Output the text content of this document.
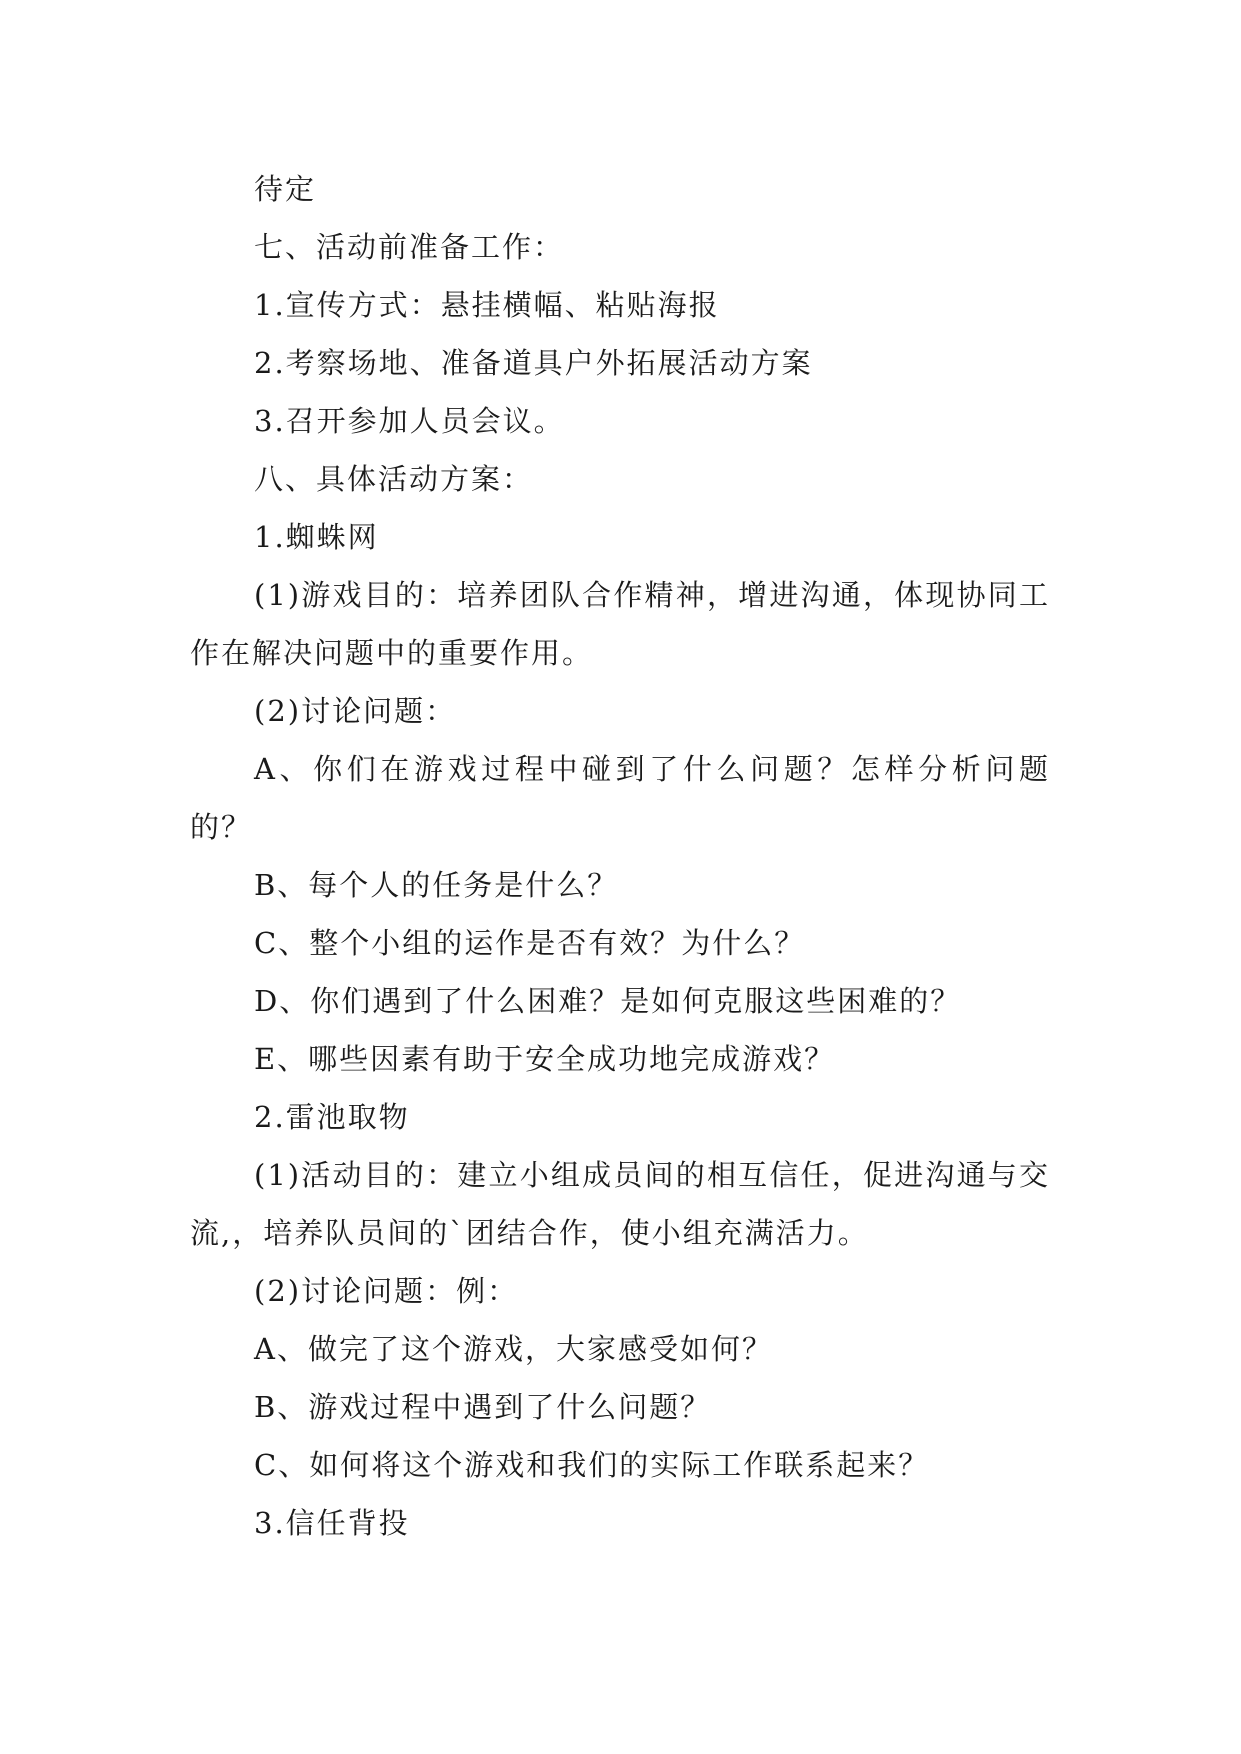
待定

七、活动前准备工作：

1.宣传方式：悬挂横幅、粘贴海报

2.考察场地、准备道具户外拓展活动方案

3.召开参加人员会议。

八、具体活动方案：

1.蜘蛛网

(1)游戏目的：培养团队合作精神，增进沟通，体现协同工作在解决问题中的重要作用。

(2)讨论问题：

A、你们在游戏过程中碰到了什么问题？怎样分析问题的？

B、每个人的任务是什么？

C、整个小组的运作是否有效？为什么？

D、你们遇到了什么困难？是如何克服这些困难的？

E、哪些因素有助于安全成功地完成游戏？

2.雷池取物

(1)活动目的：建立小组成员间的相互信任，促进沟通与交流,，培养队员间的`团结合作，使小组充满活力。

(2)讨论问题：例：

A、做完了这个游戏，大家感受如何？

B、游戏过程中遇到了什么问题？

C、如何将这个游戏和我们的实际工作联系起来？

3.信任背投
